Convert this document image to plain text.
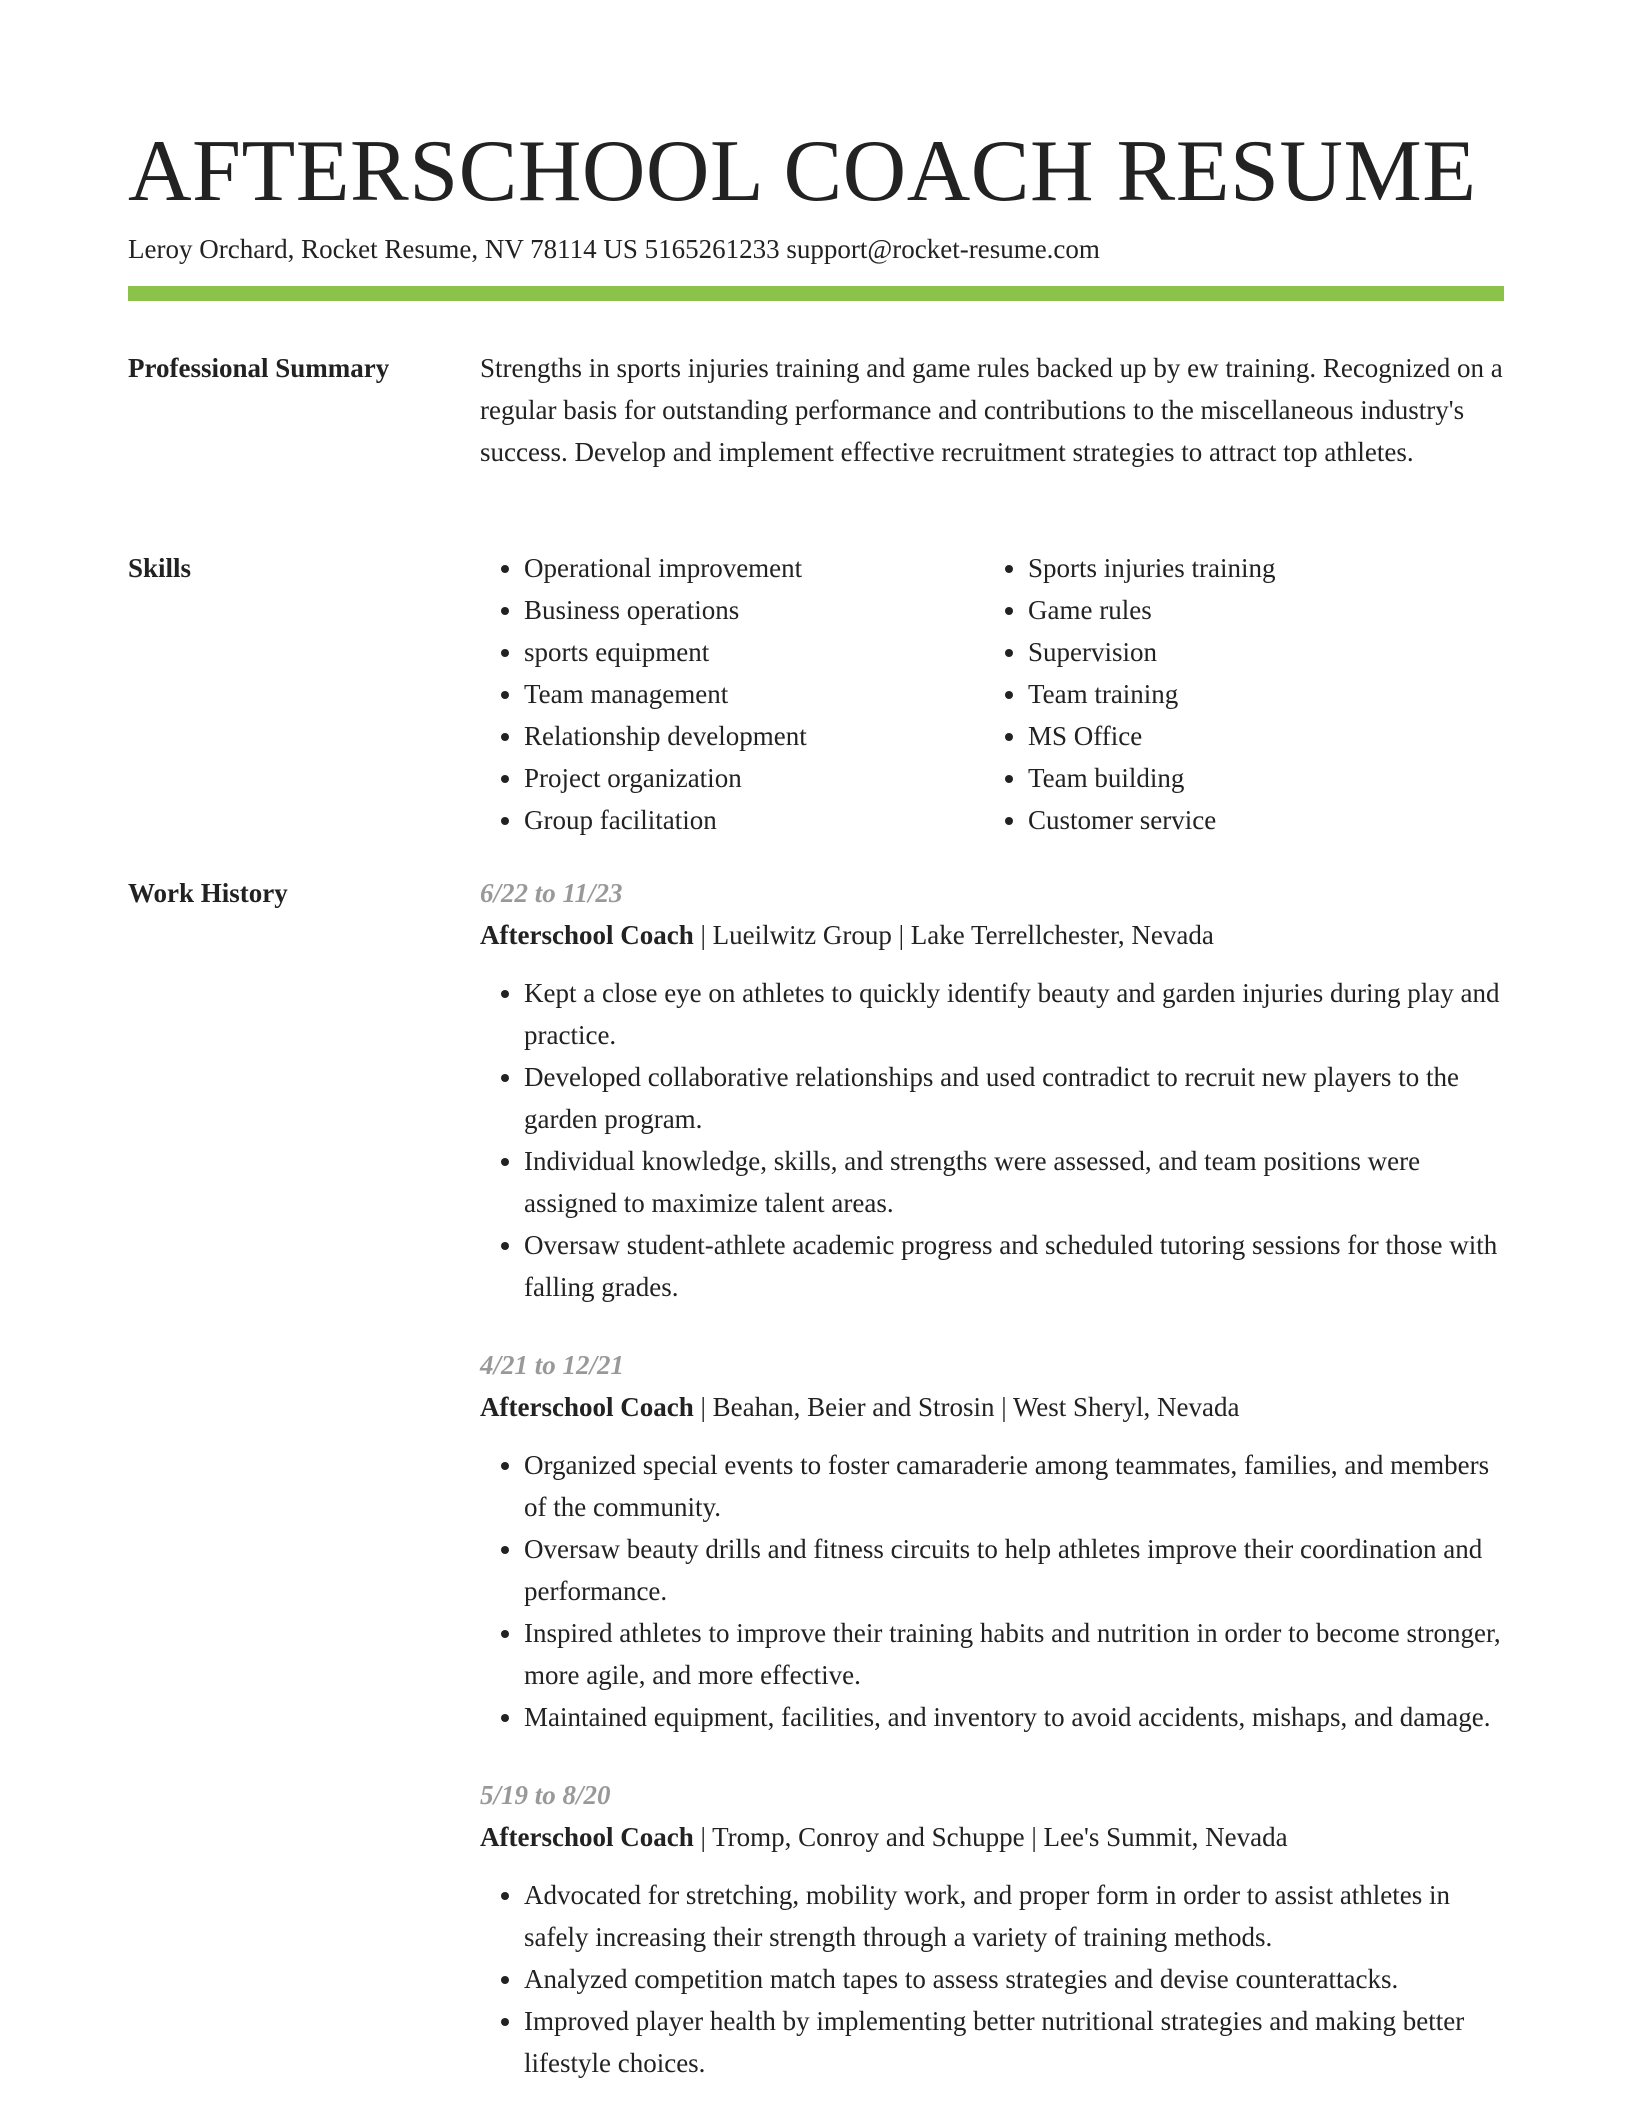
AFTERSCHOOL COACH RESUME
Leroy Orchard, Rocket Resume, NV 78114 US 5165261233 support@rocket-resume.com
Professional Summary	Strengths in sports injuries training and game rules backed up by ew training. Recognized on a regular basis for outstanding performance and contributions to the miscellaneous industry's success. Develop and implement effective recruitment strategies to attract top athletes.

Skills
•	Operational improvement
• Business operations
• sports equipment
• Team management
• Relationship development
• Project organization
• Group facilitation
• Sports injuries training
• Game rules
• Supervision
• Team training
• MS Office
• Team building
• Customer service
Work History	6/22 to 11/23
Afterschool Coach | Lueilwitz Group | Lake Terrellchester, Nevada
• Kept a close eye on athletes to quickly identify beauty and garden injuries during play and practice.
• Developed collaborative relationships and used contradict to recruit new players to the garden program.
• Individual knowledge, skills, and strengths were assessed, and team positions were assigned to maximize talent areas.
• Oversaw student-athlete academic progress and scheduled tutoring sessions for those with falling grades.
4/21 to 12/21
Afterschool Coach | Beahan, Beier and Strosin | West Sheryl, Nevada
• Organized special events to foster camaraderie among teammates, families, and members of the community.
• Oversaw beauty drills and fitness circuits to help athletes improve their coordination and performance.
• Inspired athletes to improve their training habits and nutrition in order to become stronger, more agile, and more effective.
• Maintained equipment, facilities, and inventory to avoid accidents, mishaps, and damage.
5/19 to 8/20
Afterschool Coach | Tromp, Conroy and Schuppe | Lee's Summit, Nevada
• Advocated for stretching, mobility work, and proper form in order to assist athletes in safely increasing their strength through a variety of training methods.
• Analyzed competition match tapes to assess strategies and devise counterattacks.
• Improved player health by implementing better nutritional strategies and making better lifestyle choices.
